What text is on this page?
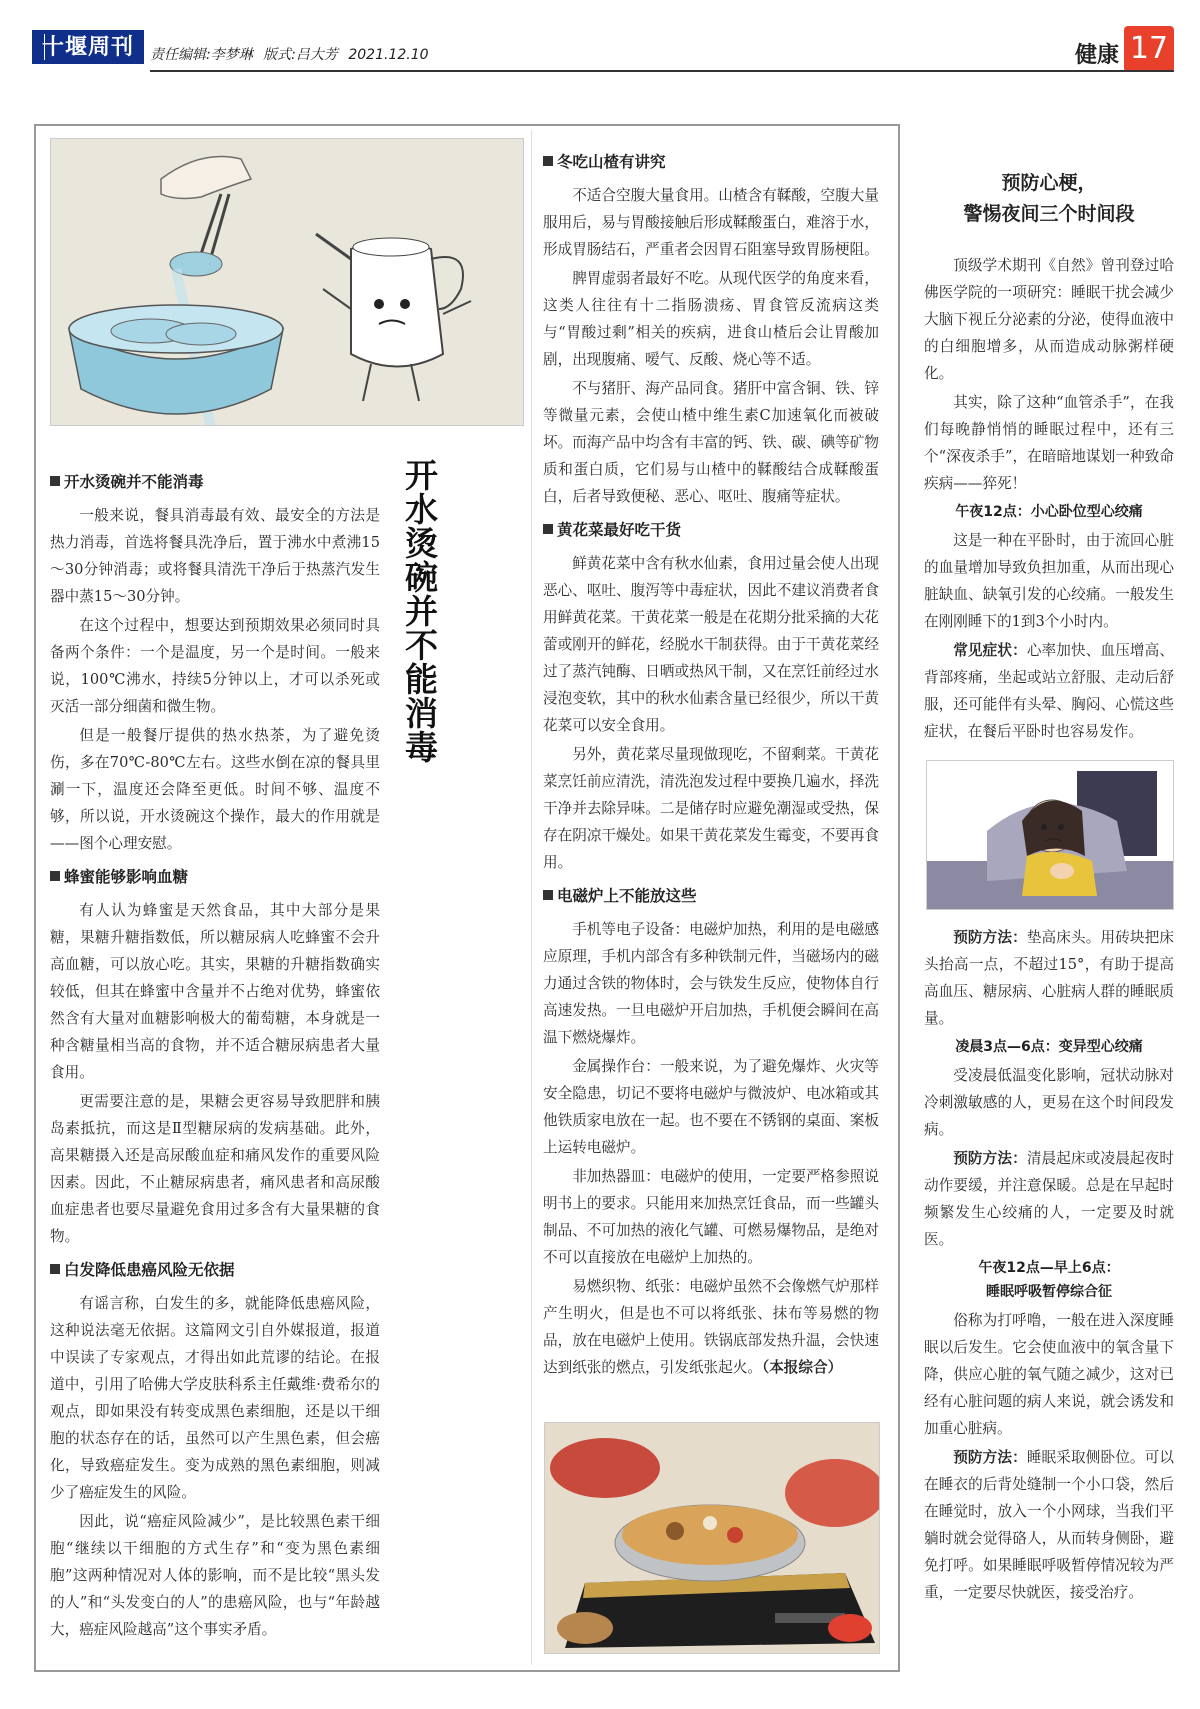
十堰周刊	责任编辑:李梦琳 版式:吕大芳 2021.12.10	健康 17
开水烫碗并不能消毒
开水烫碗并不能消毒

一般来说，餐具消毒最有效、最安全的方法是热力消毒，首选将餐具洗净后，置于沸水中煮沸15～30分钟消毒；或将餐具清洗干净后于热蒸汽发生器中蒸15～30分钟。

在这个过程中，想要达到预期效果必须同时具备两个条件：一个是温度，另一个是时间。一般来说，100℃沸水，持续5分钟以上，才可以杀死或灭活一部分细菌和微生物。

但是一般餐厅提供的热水热茶，为了避免烫伤，多在70℃-80℃左右。这些水倒在凉的餐具里涮一下，温度还会降至更低。时间不够、温度不够，所以说，开水烫碗这个操作，最大的作用就是——图个心理安慰。

蜂蜜能够影响血糖

有人认为蜂蜜是天然食品，其中大部分是果糖，果糖升糖指数低，所以糖尿病人吃蜂蜜不会升高血糖，可以放心吃。其实，果糖的升糖指数确实较低，但其在蜂蜜中含量并不占绝对优势，蜂蜜依然含有大量对血糖影响极大的葡萄糖，本身就是一种含糖量相当高的食物，并不适合糖尿病患者大量食用。

更需要注意的是，果糖会更容易导致肥胖和胰岛素抵抗，而这是Ⅱ型糖尿病的发病基础。此外，高果糖摄入还是高尿酸血症和痛风发作的重要风险因素。因此，不止糖尿病患者，痛风患者和高尿酸血症患者也要尽量避免食用过多含有大量果糖的食物。

白发降低患癌风险无依据

有谣言称，白发生的多，就能降低患癌风险，这种说法毫无依据。这篇网文引自外媒报道，报道中误读了专家观点，才得出如此荒谬的结论。在报道中，引用了哈佛大学皮肤科系主任戴维·费希尔的观点，即如果没有转变成黑色素细胞，还是以干细胞的状态存在的话，虽然可以产生黑色素，但会癌化，导致癌症发生。变为成熟的黑色素细胞，则减少了癌症发生的风险。

因此，说“癌症风险减少”，是比较黑色素干细胞“继续以干细胞的方式生存”和“变为黑色素细胞”这两种情况对人体的影响，而不是比较“黑头发的人”和“头发变白的人”的患癌风险，也与“年龄越大，癌症风险越高”这个事实矛盾。

冬吃山楂有讲究

不适合空腹大量食用。山楂含有鞣酸，空腹大量服用后，易与胃酸接触后形成鞣酸蛋白，难溶于水，形成胃肠结石，严重者会因胃石阻塞导致胃肠梗阻。

脾胃虚弱者最好不吃。从现代医学的角度来看，这类人往往有十二指肠溃疡、胃食管反流病这类与“胃酸过剩”相关的疾病，进食山楂后会让胃酸加剧，出现腹痛、嗳气、反酸、烧心等不适。

不与猪肝、海产品同食。猪肝中富含铜、铁、锌等微量元素，会使山楂中维生素C加速氧化而被破坏。而海产品中均含有丰富的钙、铁、碳、碘等矿物质和蛋白质，它们易与山楂中的鞣酸结合成鞣酸蛋白，后者导致便秘、恶心、呕吐、腹痛等症状。

黄花菜最好吃干货

鲜黄花菜中含有秋水仙素，食用过量会使人出现恶心、呕吐、腹泻等中毒症状，因此不建议消费者食用鲜黄花菜。干黄花菜一般是在花期分批采摘的大花蕾或刚开的鲜花，经脱水干制获得。由于干黄花菜经过了蒸汽钝酶、日晒或热风干制，又在烹饪前经过水浸泡变软，其中的秋水仙素含量已经很少，所以干黄花菜可以安全食用。

另外，黄花菜尽量现做现吃，不留剩菜。干黄花菜烹饪前应清洗，清洗泡发过程中要换几遍水，择洗干净并去除异味。二是储存时应避免潮湿或受热，保存在阴凉干燥处。如果干黄花菜发生霉变，不要再食用。

电磁炉上不能放这些

手机等电子设备：电磁炉加热，利用的是电磁感应原理，手机内部含有多种铁制元件，当磁场内的磁力通过含铁的物体时，会与铁发生反应，使物体自行高速发热。一旦电磁炉开启加热，手机便会瞬间在高温下燃烧爆炸。

金属操作台：一般来说，为了避免爆炸、火灾等安全隐患，切记不要将电磁炉与微波炉、电冰箱或其他铁质家电放在一起。也不要在不锈钢的桌面、案板上运转电磁炉。

非加热器皿：电磁炉的使用，一定要严格参照说明书上的要求。只能用来加热烹饪食品，而一些罐头制品、不可加热的液化气罐、可燃易爆物品，是绝对不可以直接放在电磁炉上加热的。

易燃织物、纸张：电磁炉虽然不会像燃气炉那样产生明火，但是也不可以将纸张、抹布等易燃的物品，放在电磁炉上使用。铁锅底部发热升温，会快速达到纸张的燃点，引发纸张起火。（本报综合）

预防心梗，
警惕夜间三个时间段

顶级学术期刊《自然》曾刊登过哈佛医学院的一项研究：睡眠干扰会减少大脑下视丘分泌素的分泌，使得血液中的白细胞增多，从而造成动脉粥样硬化。

其实，除了这种“血管杀手”，在我们每晚静悄悄的睡眠过程中，还有三个“深夜杀手”，在暗暗地谋划一种致命疾病——猝死！

午夜12点：小心卧位型心绞痛

这是一种在平卧时，由于流回心脏的血量增加导致负担加重，从而出现心脏缺血、缺氧引发的心绞痛。一般发生在刚刚睡下的1到3个小时内。

常见症状：心率加快、血压增高、背部疼痛，坐起或站立舒服、走动后舒服，还可能伴有头晕、胸闷、心慌这些症状，在餐后平卧时也容易发作。

预防方法：垫高床头。用砖块把床头抬高一点，不超过15°，有助于提高高血压、糖尿病、心脏病人群的睡眠质量。

凌晨3点—6点：变异型心绞痛

受凌晨低温变化影响，冠状动脉对冷刺激敏感的人，更易在这个时间段发病。

预防方法：清晨起床或凌晨起夜时动作要缓，并注意保暖。总是在早起时频繁发生心绞痛的人，一定要及时就医。

午夜12点—早上6点：
睡眠呼吸暂停综合征

俗称为打呼噜，一般在进入深度睡眠以后发生。它会使血液中的氧含量下降，供应心脏的氧气随之减少，这对已经有心脏问题的病人来说，就会诱发和加重心脏病。

预防方法：睡眠采取侧卧位。可以在睡衣的后背处缝制一个小口袋，然后在睡觉时，放入一个小网球，当我们平躺时就会觉得硌人，从而转身侧卧，避免打呼。如果睡眠呼吸暂停情况较为严重，一定要尽快就医，接受治疗。
